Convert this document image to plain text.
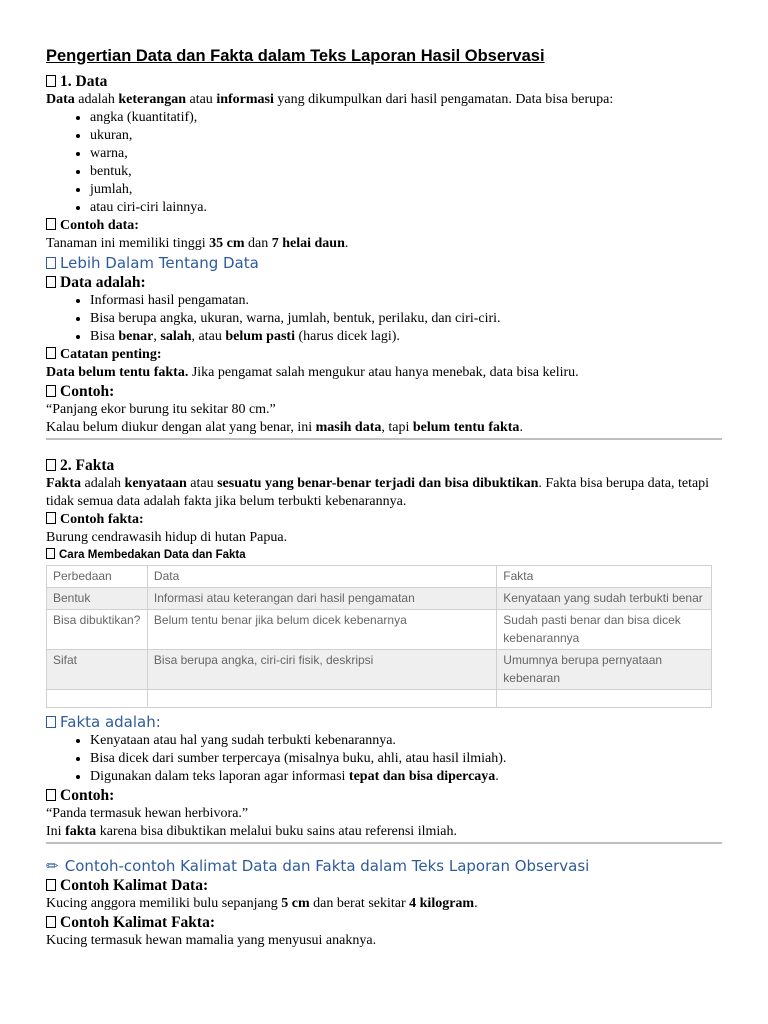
Pengertian Data dan Fakta dalam Teks Laporan Hasil Observasi
1. Data

Data adalah keterangan atau informasi yang dikumpulkan dari hasil pengamatan. Data bisa berupa:

• angka (kuantitatif),
• ukuran,
• warna,
• bentuk,
• jumlah,
• atau ciri-ciri lainnya.
Contoh data:

Tanaman ini memiliki tinggi 35 cm dan 7 helai daun.

Lebih Dalam Tentang Data
Data adalah:
• Informasi hasil pengamatan.
• Bisa berupa angka, ukuran, warna, jumlah, bentuk, perilaku, dan ciri-ciri.
• Bisa benar, salah, atau belum pasti (harus dicek lagi).
Catatan penting:

Data belum tentu fakta. Jika pengamat salah mengukur atau hanya menebak, data bisa keliru.

Contoh:

“Panjang ekor burung itu sekitar 80 cm.”

Kalau belum diukur dengan alat yang benar, ini masih data, tapi belum tentu fakta.

2. Fakta

Fakta adalah kenyataan atau sesuatu yang benar-benar terjadi dan bisa dibuktikan. Fakta bisa berupa data, tetapi tidak semua data adalah fakta jika belum terbukti kebenarannya.

Contoh fakta:

Burung cendrawasih hidup di hutan Papua.

Cara Membedakan Data dan Fakta
Perbedaan	Data	Fakta
Bentuk	Informasi atau keterangan dari hasil pengamatan	Kenyataan yang sudah terbukti benar
Bisa dibuktikan?	Belum tentu benar jika belum dicek kebenarnya	Sudah pasti benar dan bisa dicek kebenarannya
Sifat	Bisa berupa angka, ciri-ciri fisik, deskripsi	Umumnya berupa pernyataan kebenaran

Fakta adalah:
• Kenyataan atau hal yang sudah terbukti kebenarannya.
• Bisa dicek dari sumber terpercaya (misalnya buku, ahli, atau hasil ilmiah).
• Digunakan dalam teks laporan agar informasi tepat dan bisa dipercaya.
Contoh:

“Panda termasuk hewan herbivora.”

Ini fakta karena bisa dibuktikan melalui buku sains atau referensi ilmiah.

✏ Contoh-contoh Kalimat Data dan Fakta dalam Teks Laporan Observasi
Contoh Kalimat Data:

Kucing anggora memiliki bulu sepanjang 5 cm dan berat sekitar 4 kilogram.

Contoh Kalimat Fakta:

Kucing termasuk hewan mamalia yang menyusui anaknya.
